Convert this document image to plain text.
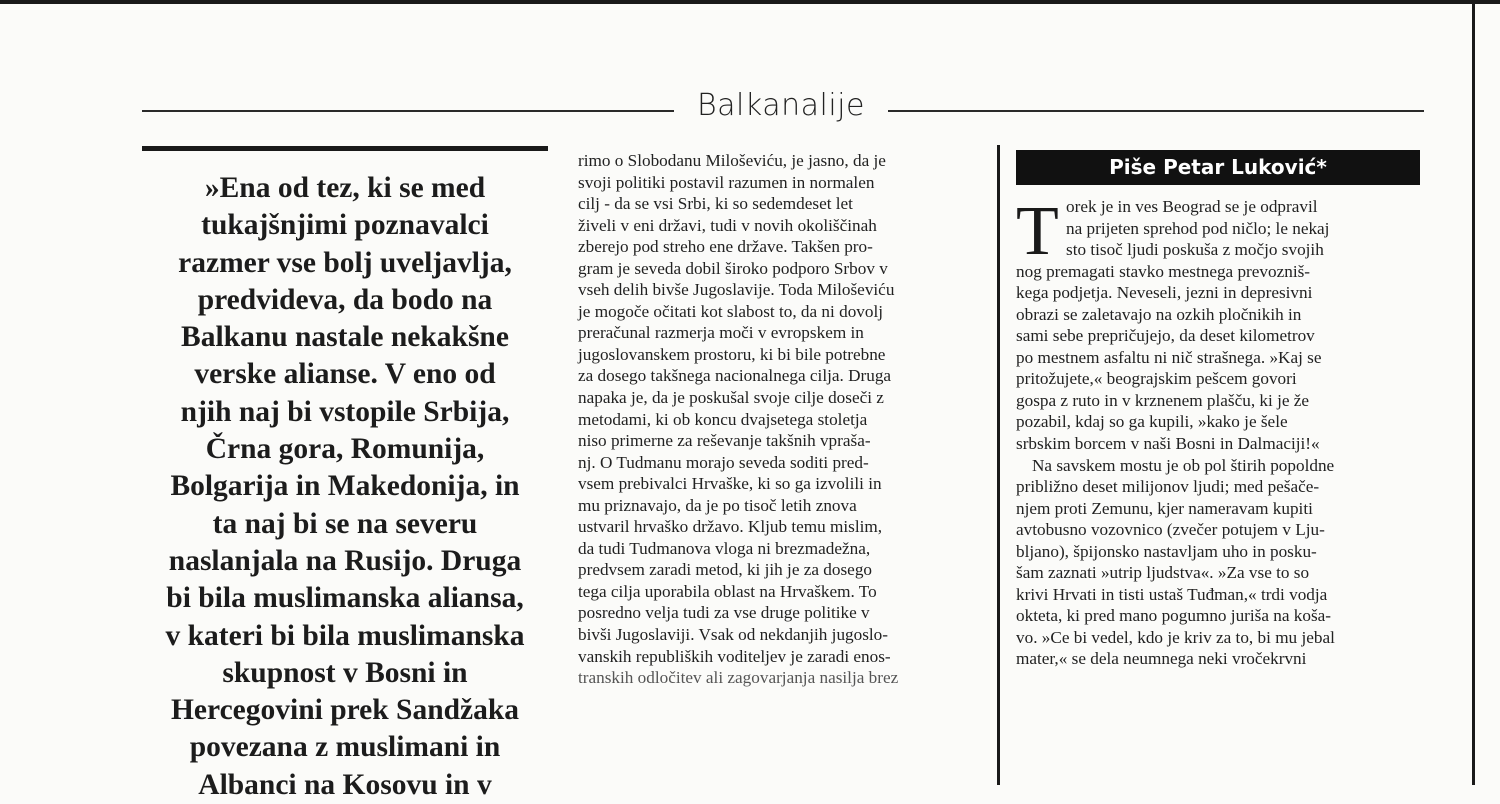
Balkanalije
»Ena od tez, ki se med
tukajšnjimi poznavalci
razmer vse bolj uveljavlja,
predvideva, da bodo na
Balkanu nastale nekakšne
verske alianse. V eno od
njih naj bi vstopile Srbija,
Črna gora, Romunija,
Bolgarija in Makedonija, in
ta naj bi se na severu
naslanjala na Rusijo. Druga
bi bila muslimanska aliansa,
v kateri bi bila muslimanska
skupnost v Bosni in
Hercegovini prek Sandžaka
povezana z muslimani in
Albanci na Kosovu in v
rimo o Slobodanu Miloševiću, je jasno, da je
svoji politiki postavil razumen in normalen
cilj - da se vsi Srbi, ki so sedemdeset let
živeli v eni državi, tudi v novih okoliščinah
zberejo pod streho ene države. Takšen pro-
gram je seveda dobil široko podporo Srbov v
vseh delih bivše Jugoslavije. Toda Miloševiću
je mogoče očitati kot slabost to, da ni dovolj
preračunal razmerja moči v evropskem in
jugoslovanskem prostoru, ki bi bile potrebne
za dosego takšnega nacionalnega cilja. Druga
napaka je, da je poskušal svoje cilje doseči z
metodami, ki ob koncu dvajsetega stoletja
niso primerne za reševanje takšnih vpraša-
nj. O Tudmanu morajo seveda soditi pred-
vsem prebivalci Hrvaške, ki so ga izvolili in
mu priznavajo, da je po tisoč letih znova
ustvaril hrvaško državo. Kljub temu mislim,
da tudi Tudmanova vloga ni brezmadežna,
predvsem zaradi metod, ki jih je za dosego
tega cilja uporabila oblast na Hrvaškem. To
posredno velja tudi za vse druge politike v
bivši Jugoslaviji. Vsak od nekdanjih jugoslo-
vanskih republiških voditeljev je zaradi enos-
transkih odločitev ali zagovarjanja nasilja brez
Piše Petar Luković*
T orek je in ves Beograd se je odpravil
na prijeten sprehod pod ničlo; le nekaj
sto tisoč ljudi poskuša z močjo svojih
nog premagati stavko mestnega prevozniš-
kega podjetja. Neveseli, jezni in depresivni
obrazi se zaletavajo na ozkih pločnikih in
sami sebe prepričujejo, da deset kilometrov
po mestnem asfaltu ni nič strašnega. »Kaj se
pritožujete,« beograjskim pešcem govori
gospa z ruto in v krznenem plašču, ki je že
pozabil, kdaj so ga kupili, »kako je šele
srbskim borcem v naši Bosni in Dalmaciji!«
Na savskem mostu je ob pol štirih popoldne
približno deset milijonov ljudi; med pešače-
njem proti Zemunu, kjer nameravam kupiti
avtobusno vozovnico (zvečer potujem v Lju-
bljano), špijonsko nastavljam uho in posku-
šam zaznati »utrip ljudstva«. »Za vse to so
krivi Hrvati in tisti ustaš Tuđman,« trdi vodja
okteta, ki pred mano pogumno juriša na koša-
vo. »Ce bi vedel, kdo je kriv za to, bi mu jebal
mater,« se dela neumnega neki vročekrvni
